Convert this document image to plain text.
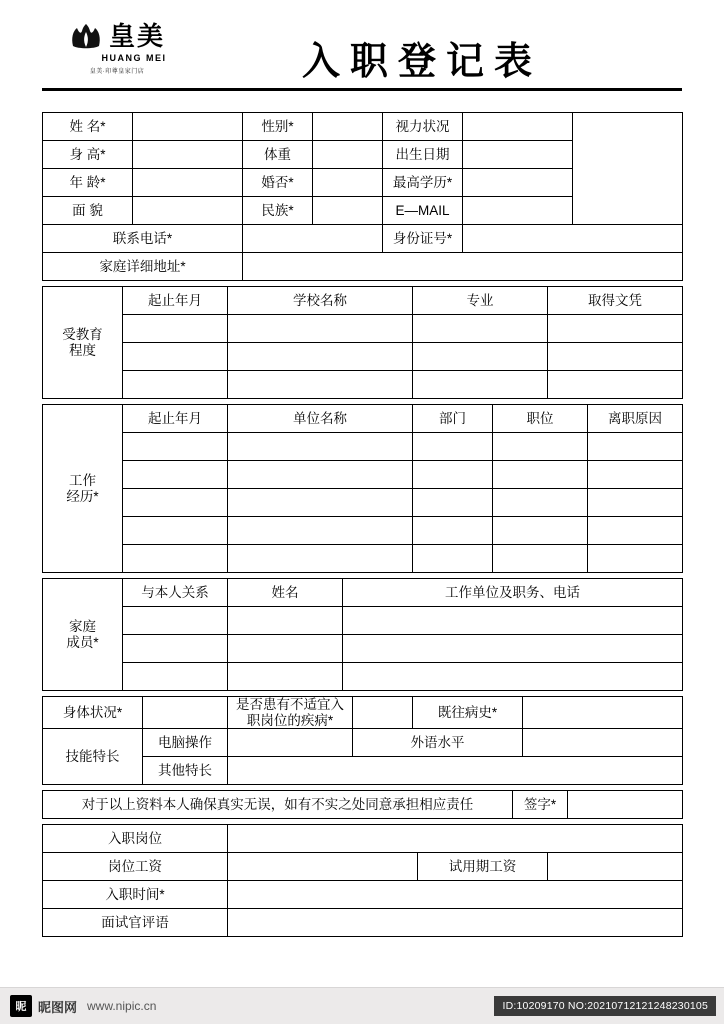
皇美
HUANG MEI
皇美·印尊皇家门店	入职登记表
姓 名*		性别*		视力状况		
身 高*		体重		出生日期		
年 龄*		婚否*		最高学历*		
面 貌		民族*		E—MAIL		
联系电话*				身份证号*		
家庭详细地址*						
受教育
程度	起止年月	学校名称	专业	取得文凭

工作
经历*	起止年月	单位名称	部门	职位	离职原因

家庭
成员*	与本人关系	姓名	工作单位及职务、电话

身体状况*		是否患有不适宜入职岗位的疾病*		既往病史*	
技能特长	电脑操作		外语水平		
	其他特长				
对于以上资料本人确保真实无误，如有不实之处同意承担相应责任	签字*	
入职岗位			
岗位工资		试用期工资	
入职时间*			
面试官评语			
昵 昵图网 www.nipic.cn	ID:10209170 NO:20210712121248230105
